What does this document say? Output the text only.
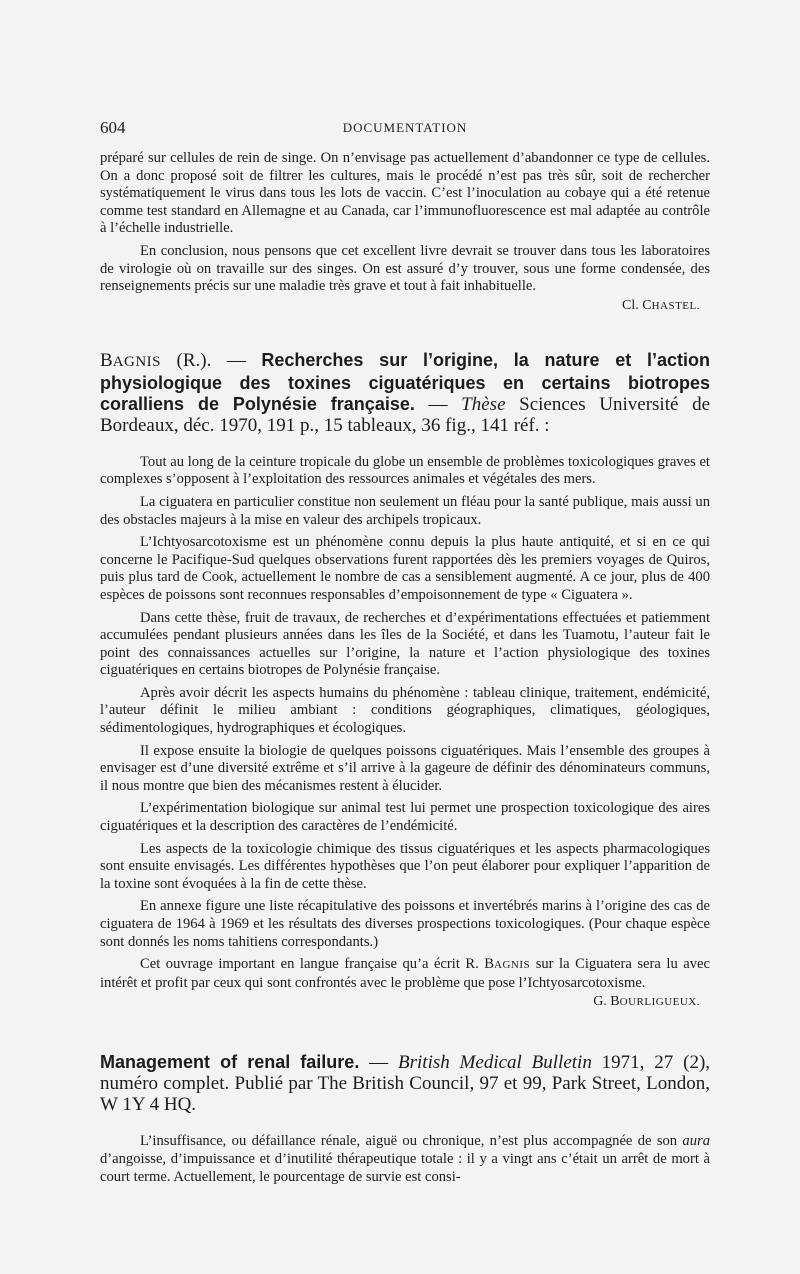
604	DOCUMENTATION

préparé sur cellules de rein de singe. On n’envisage pas actuellement d’abandonner ce type de cellules. On a donc proposé soit de filtrer les cultures, mais le procédé n’est pas très sûr, soit de rechercher systématiquement le virus dans tous les lots de vaccin. C’est l’inoculation au cobaye qui a été retenue comme test standard en Allemagne et au Canada, car l’immunofluorescence est mal adaptée au contrôle à l’échelle industrielle.

En conclusion, nous pensons que cet excellent livre devrait se trouver dans tous les laboratoires de virologie où on travaille sur des singes. On est assuré d’y trouver, sous une forme condensée, des renseignements précis sur une maladie très grave et tout à fait inhabituelle.

Cl. CHASTEL.
BAGNIS (R.). — Recherches sur l’origine, la nature et l’action physiologique des toxines ciguatériques en certains biotropes coralliens de Polynésie française. — Thèse Sciences Université de Bordeaux, déc. 1970, 191 p., 15 tableaux, 36 fig., 141 réf. :

Tout au long de la ceinture tropicale du globe un ensemble de problèmes toxicologiques graves et complexes s’opposent à l’exploitation des ressources animales et végétales des mers.

La ciguatera en particulier constitue non seulement un fléau pour la santé publique, mais aussi un des obstacles majeurs à la mise en valeur des archipels tropicaux.

L’Ichtyosarcotoxisme est un phénomène connu depuis la plus haute antiquité, et si en ce qui concerne le Pacifique-Sud quelques observations furent rapportées dès les premiers voyages de Quiros, puis plus tard de Cook, actuellement le nombre de cas a sensiblement augmenté. A ce jour, plus de 400 espèces de poissons sont reconnues responsables d’empoisonnement de type « Ciguatera ».

Dans cette thèse, fruit de travaux, de recherches et d’expérimentations effectuées et patiemment accumulées pendant plusieurs années dans les îles de la Société, et dans les Tuamotu, l’auteur fait le point des connaissances actuelles sur l’origine, la nature et l’action physiologique des toxines ciguatériques en certains biotropes de Polynésie française.

Après avoir décrit les aspects humains du phénomène : tableau clinique, traitement, endémicité, l’auteur définit le milieu ambiant : conditions géographiques, climatiques, géologiques, sédimentologiques, hydrographiques et écologiques.

Il expose ensuite la biologie de quelques poissons ciguatériques. Mais l’ensemble des groupes à envisager est d’une diversité extrême et s’il arrive à la gageure de définir des dénominateurs communs, il nous montre que bien des mécanismes restent à élucider.

L’expérimentation biologique sur animal test lui permet une prospection toxicologique des aires ciguatériques et la description des caractères de l’endémicité.

Les aspects de la toxicologie chimique des tissus ciguatériques et les aspects pharmacologiques sont ensuite envisagés. Les différentes hypothèses que l’on peut élaborer pour expliquer l’apparition de la toxine sont évoquées à la fin de cette thèse.

En annexe figure une liste récapitulative des poissons et invertébrés marins à l’origine des cas de ciguatera de 1964 à 1969 et les résultats des diverses prospections toxicologiques. (Pour chaque espèce sont donnés les noms tahitiens correspondants.)

Cet ouvrage important en langue française qu’a écrit R. BAGNIS sur la Ciguatera sera lu avec intérêt et profit par ceux qui sont confrontés avec le problème que pose l’Ichtyosarcotoxisme.

G. BOURLIGUEUX.
Management of renal failure. — British Medical Bulletin 1971, 27 (2), numéro complet. Publié par The British Council, 97 et 99, Park Street, London, W 1Y 4 HQ.

L’insuffisance, ou défaillance rénale, aiguë ou chronique, n’est plus accompagnée de son aura d’angoisse, d’impuissance et d’inutilité thérapeutique totale : il y a vingt ans c’était un arrêt de mort à court terme. Actuellement, le pourcentage de survie est consi-
